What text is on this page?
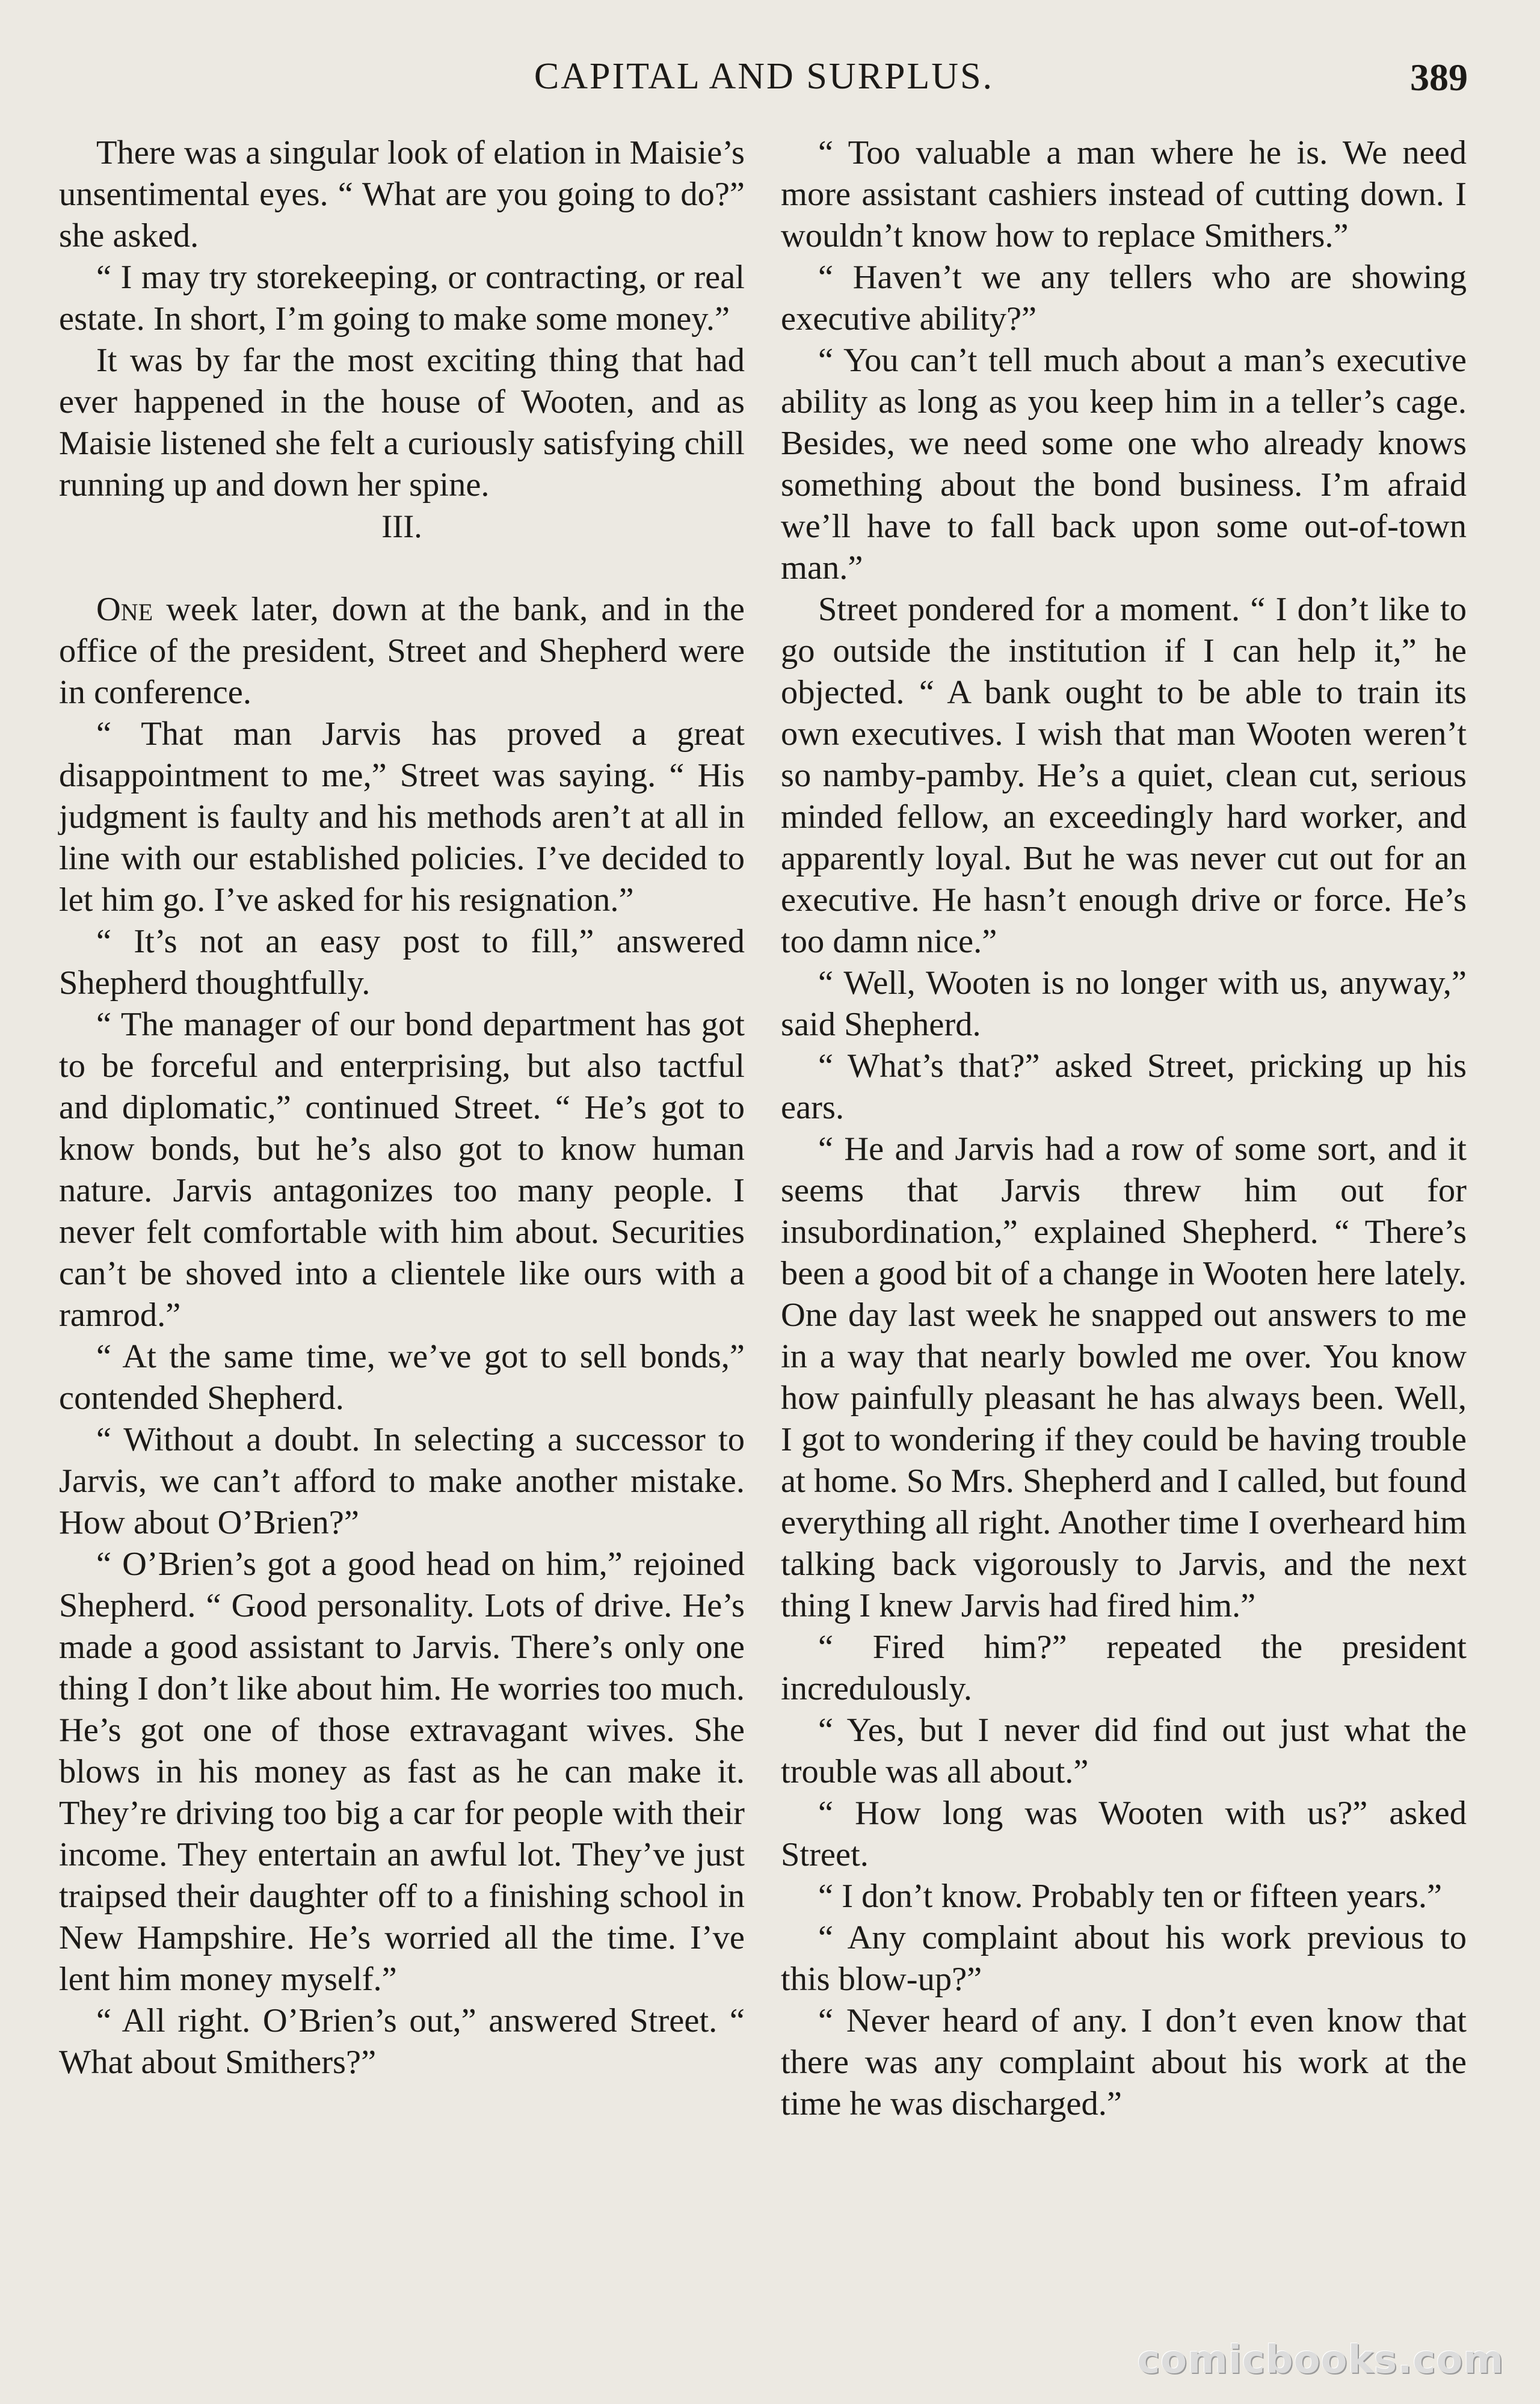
CAPITAL AND SURPLUS.	389

There was a singular look of elation in Maisie’s unsentimental eyes. “ What are you going to do?” she asked.

“ I may try storekeeping, or contracting, or real estate. In short, I’m going to make some money.”

It was by far the most exciting thing that had ever happened in the house of Wooten, and as Maisie listened she felt a curiously satisfying chill running up and down her spine.

III.

One week later, down at the bank, and in the office of the president, Street and Shepherd were in conference.

“ That man Jarvis has proved a great disappointment to me,” Street was saying. “ His judgment is faulty and his methods aren’t at all in line with our established policies. I’ve decided to let him go. I’ve asked for his resignation.”

“ It’s not an easy post to fill,” answered Shepherd thoughtfully.

“ The manager of our bond department has got to be forceful and enterprising, but also tactful and diplomatic,” continued Street. “ He’s got to know bonds, but he’s also got to know human nature. Jarvis antagonizes too many people. I never felt comfortable with him about. Securities can’t be shoved into a clientele like ours with a ramrod.”

“ At the same time, we’ve got to sell bonds,” contended Shepherd.

“ Without a doubt. In selecting a successor to Jarvis, we can’t afford to make another mistake. How about O’Brien?”

“ O’Brien’s got a good head on him,” rejoined Shepherd. “ Good personality. Lots of drive. He’s made a good assistant to Jarvis. There’s only one thing I don’t like about him. He worries too much. He’s got one of those extravagant wives. She blows in his money as fast as he can make it. They’re driving too big a car for people with their income. They entertain an awful lot. They’ve just traipsed their daughter off to a finishing school in New Hampshire. He’s worried all the time. I’ve lent him money myself.”

“ All right. O’Brien’s out,” answered Street. “ What about Smithers?”

“ Too valuable a man where he is. We need more assistant cashiers instead of cutting down. I wouldn’t know how to replace Smithers.”

“ Haven’t we any tellers who are showing executive ability?”

“ You can’t tell much about a man’s executive ability as long as you keep him in a teller’s cage. Besides, we need some one who already knows something about the bond business. I’m afraid we’ll have to fall back upon some out-of-town man.”

Street pondered for a moment. “ I don’t like to go outside the institution if I can help it,” he objected. “ A bank ought to be able to train its own executives. I wish that man Wooten weren’t so namby-pamby. He’s a quiet, clean cut, serious minded fellow, an exceedingly hard worker, and apparently loyal. But he was never cut out for an executive. He hasn’t enough drive or force. He’s too damn nice.”

“ Well, Wooten is no longer with us, anyway,” said Shepherd.

“ What’s that?” asked Street, pricking up his ears.

“ He and Jarvis had a row of some sort, and it seems that Jarvis threw him out for insubordination,” explained Shepherd. “ There’s been a good bit of a change in Wooten here lately. One day last week he snapped out answers to me in a way that nearly bowled me over. You know how painfully pleasant he has always been. Well, I got to wondering if they could be having trouble at home. So Mrs. Shepherd and I called, but found everything all right. Another time I overheard him talking back vigorously to Jarvis, and the next thing I knew Jarvis had fired him.”

“ Fired him?” repeated the president incredulously.

“ Yes, but I never did find out just what the trouble was all about.”

“ How long was Wooten with us?” asked Street.

“ I don’t know. Probably ten or fifteen years.”

“ Any complaint about his work previous to this blow-up?”

“ Never heard of any. I don’t even know that there was any complaint about his work at the time he was discharged.”

comicbooks.com
